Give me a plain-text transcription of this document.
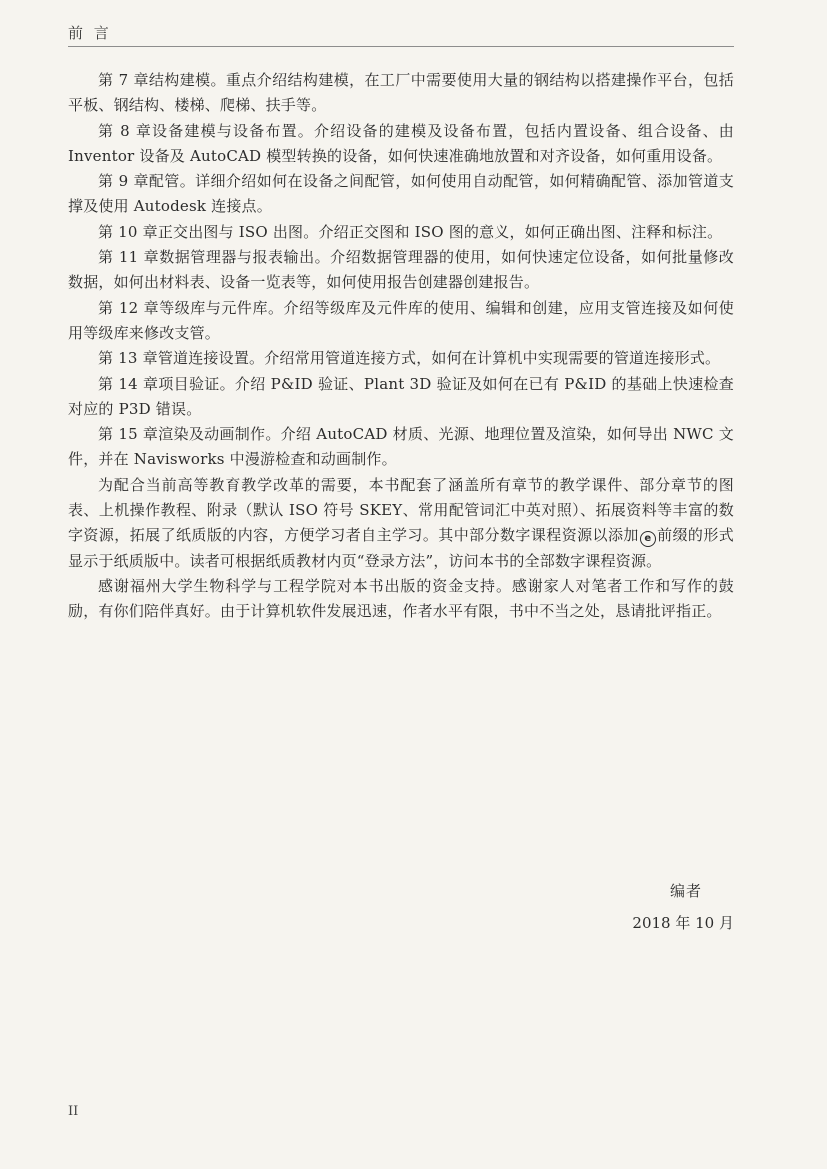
前 言

第 7 章结构建模。重点介绍结构建模，在工厂中需要使用大量的钢结构以搭建操作平台，包括平板、钢结构、楼梯、爬梯、扶手等。

第 8 章设备建模与设备布置。介绍设备的建模及设备布置，包括内置设备、组合设备、由 Inventor 设备及 AutoCAD 模型转换的设备，如何快速准确地放置和对齐设备，如何重用设备。

第 9 章配管。详细介绍如何在设备之间配管，如何使用自动配管，如何精确配管、添加管道支撑及使用 Autodesk 连接点。

第 10 章正交出图与 ISO 出图。介绍正交图和 ISO 图的意义，如何正确出图、注释和标注。

第 11 章数据管理器与报表输出。介绍数据管理器的使用，如何快速定位设备，如何批量修改数据，如何出材料表、设备一览表等，如何使用报告创建器创建报告。

第 12 章等级库与元件库。介绍等级库及元件库的使用、编辑和创建，应用支管连接及如何使用等级库来修改支管。

第 13 章管道连接设置。介绍常用管道连接方式，如何在计算机中实现需要的管道连接形式。

第 14 章项目验证。介绍 P&ID 验证、Plant 3D 验证及如何在已有 P&ID 的基础上快速检查对应的 P3D 错误。

第 15 章渲染及动画制作。介绍 AutoCAD 材质、光源、地理位置及渲染，如何导出 NWC 文件，并在 Navisworks 中漫游检查和动画制作。

为配合当前高等教育教学改革的需要，本书配套了涵盖所有章节的教学课件、部分章节的图表、上机操作教程、附录（默认 ISO 符号 SKEY、常用配管词汇中英对照）、拓展资料等丰富的数字资源，拓展了纸质版的内容，方便学习者自主学习。其中部分数字课程资源以添加 e 前缀的形式显示于纸质版中。读者可根据纸质教材内页“登录方法”，访问本书的全部数字课程资源。

感谢福州大学生物科学与工程学院对本书出版的资金支持。感谢家人对笔者工作和写作的鼓励，有你们陪伴真好。由于计算机软件发展迅速，作者水平有限，书中不当之处，恳请批评指正。

编者
2018 年 10 月
II
